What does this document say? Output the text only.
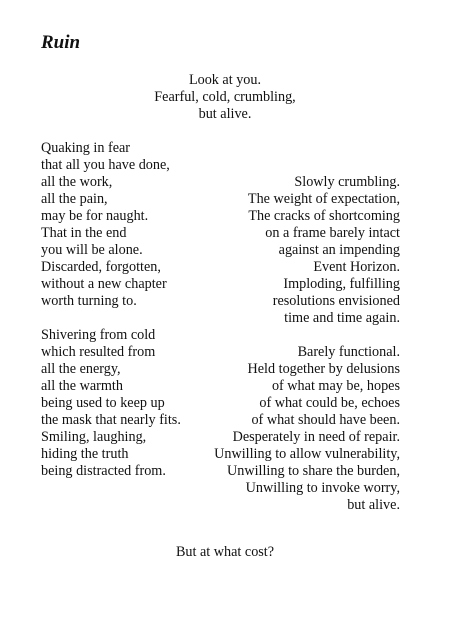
Ruin
Look at you.
Fearful, cold, crumbling,
but alive.
Quaking in fear
that all you have done,
all the work,
all the pain,
may be for naught.
That in the end
you will be alone.
Discarded, forgotten,
without a new chapter
worth turning to.
Shivering from cold
which resulted from
all the energy,
all the warmth
being used to keep up
the mask that nearly fits.
Smiling, laughing,
hiding the truth
being distracted from.
Slowly crumbling.
The weight of expectation,
The cracks of shortcoming
on a frame barely intact
against an impending
Event Horizon.
Imploding, fulfilling
resolutions envisioned
time and time again.
Barely functional.
Held together by delusions
of what may be, hopes
of what could be, echoes
of what should have been.
Desperately in need of repair.
Unwilling to allow vulnerability,
Unwilling to share the burden,
Unwilling to invoke worry,
but alive.
But at what cost?
